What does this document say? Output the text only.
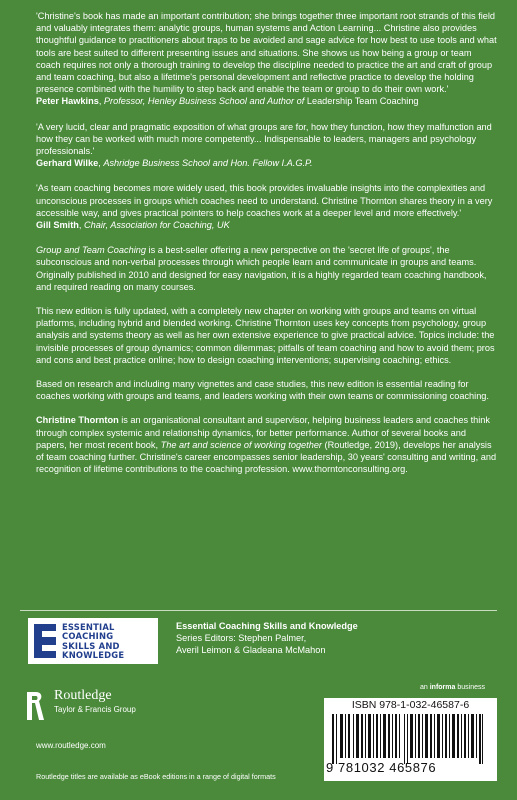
'Christine's book has made an important contribution; she brings together three important root strands of this field and valuably integrates them: analytic groups, human systems and Action Learning... Christine also provides thoughtful guidance to practitioners about traps to be avoided and sage advice for how best to use tools and what tools are best suited to different presenting issues and situations. She shows us how being a group or team coach requires not only a thorough training to develop the discipline needed to practice the art and craft of group and team coaching, but also a lifetime's personal development and reflective practice to develop the holding presence combined with the humility to step back and enable the team or group to do their own work.'

Peter Hawkins, Professor, Henley Business School and Author of Leadership Team Coaching

'A very lucid, clear and pragmatic exposition of what groups are for, how they function, how they malfunction and how they can be worked with much more competently... Indispensable to leaders, managers and psychology professionals.'

Gerhard Wilke, Ashridge Business School and Hon. Fellow I.A.G.P.

'As team coaching becomes more widely used, this book provides invaluable insights into the complexities and unconscious processes in groups which coaches need to understand. Christine Thornton shares theory in a very accessible way, and gives practical pointers to help coaches work at a deeper level and more effectively.'

Gill Smith, Chair, Association for Coaching, UK

Group and Team Coaching is a best-seller offering a new perspective on the 'secret life of groups', the subconscious and non-verbal processes through which people learn and communicate in groups and teams. Originally published in 2010 and designed for easy navigation, it is a highly regarded team coaching handbook, and required reading on many courses.

This new edition is fully updated, with a completely new chapter on working with groups and teams on virtual platforms, including hybrid and blended working. Christine Thornton uses key concepts from psychology, group analysis and systems theory as well as her own extensive experience to give practical advice. Topics include: the invisible processes of group dynamics; common dilemmas; pitfalls of team coaching and how to avoid them; pros and cons and best practice online; how to design coaching interventions; supervising coaching; ethics.

Based on research and including many vignettes and case studies, this new edition is essential reading for coaches working with groups and teams, and leaders working with their own teams or commissioning coaching.

Christine Thornton is an organisational consultant and supervisor, helping business leaders and coaches think through complex systemic and relationship dynamics, for better performance. Author of several books and papers, her most recent book, The art and science of working together (Routledge, 2019), develops her analysis of team coaching further. Christine's career encompasses senior leadership, 30 years' consulting and writing, and recognition of lifetime contributions to the coaching profession. www.thorntonconsulting.org.

ESSENTIAL
COACHING
SKILLS AND
KNOWLEDGE
Essential Coaching Skills and Knowledge
Series Editors: Stephen Palmer,
Averil Leimon & Gladeana McMahon
an informa business
Routledge
Taylor & Francis Group
www.routledge.com
ISBN 978-1-032-46587-6
9 781032 465876
Routledge titles are available as eBook editions in a range of digital formats
